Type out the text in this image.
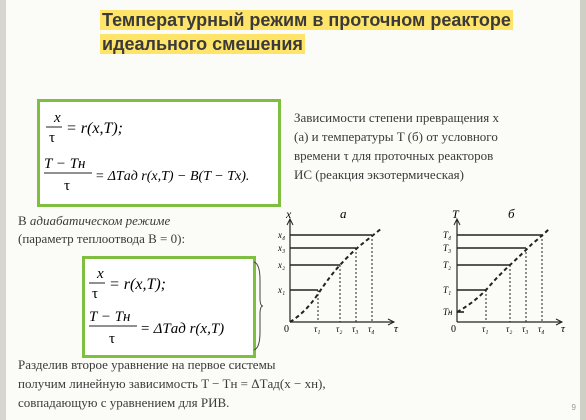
Температурный режим в проточном реакторе
идеального смешения
x
τ
= r(x,T);
T − Tн
τ
= ΔTад r(x,T) − B(T − Tх).
Зависимости степени превращения x
(а) и температуры T (б) от условного
времени τ для проточных реакторов
ИС (реакция экзотермическая)
В адиабатическом режиме
(параметр теплоотвода B = 0):
x
τ
= r(x,T);
T − Tн
τ
= ΔTад r(x,T)
x	а
τ
0
x₄
x₃
x₂
x₁
τ₁ τ₂ τ₃ τ₄
T	б
τ
0
T₄
T₃
T₂
T₁
Tн
τ₁ τ₂ τ₃ τ₄
Разделив второе уравнение на первое системы
получим линейную зависимость T − Tн = ΔTад(x − xн),
совпадающую с уравнением для РИВ.	9
